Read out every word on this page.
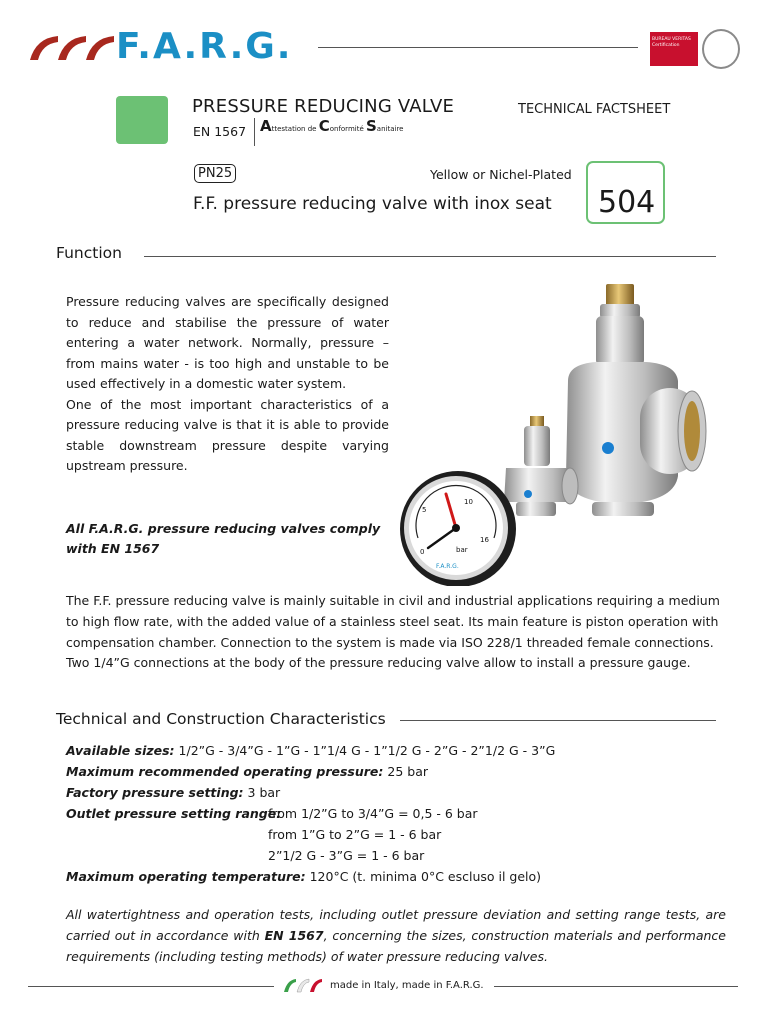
F.A.R.G.	BUREAU VERITAS Certification
PRESSURE REDUCING VALVE	TECHNICAL FACTSHEET
EN 1567 Attestation de Conformité Sanitaire
PN25	Yellow or Nichel-Plated
F.F. pressure reducing valve with inox seat 504
Function

Pressure reducing valves are specifically designed to reduce and stabilise the pressure of water entering a water network. Normally, pressure – from mains water - is too high and unstable to be used effectively in a domestic water system.

One of the most important characteristics of a pressure reducing valve is that it is able to provide stable downstream pressure despite varying upstream pressure.

All F.A.R.G. pressure reducing valves comply with EN 1567	0
5
10
16
bar
F.A.R.G.
The F.F. pressure reducing valve is mainly suitable in civil and industrial applications requiring a medium to high flow rate, with the added value of a stainless steel seat. Its main feature is piston operation with compensation chamber. Connection to the system is made via ISO 228/1 threaded female connections. Two 1/4”G connections at the body of the pressure reducing valve allow to install a pressure gauge.
Technical and Construction Characteristics
Available sizes: 1/2”G - 3/4”G - 1”G - 1”1/4 G - 1”1/2 G - 2”G - 2”1/2 G - 3”G
Maximum recommended operating pressure: 25 bar
Factory pressure setting: 3 bar
Outlet pressure setting range:
from 1/2”G to 3/4”G = 0,5 - 6 bar
from 1”G to 2”G = 1 - 6 bar
2”1/2 G - 3”G = 1 - 6 bar
Maximum operating temperature: 120°C (t. minima 0°C escluso il gelo)
All watertightness and operation tests, including outlet pressure deviation and setting range tests, are carried out in accordance with EN 1567, concerning the sizes, construction materials and performance requirements (including testing methods) of water pressure reducing valves.
made in Italy, made in F.A.R.G.
